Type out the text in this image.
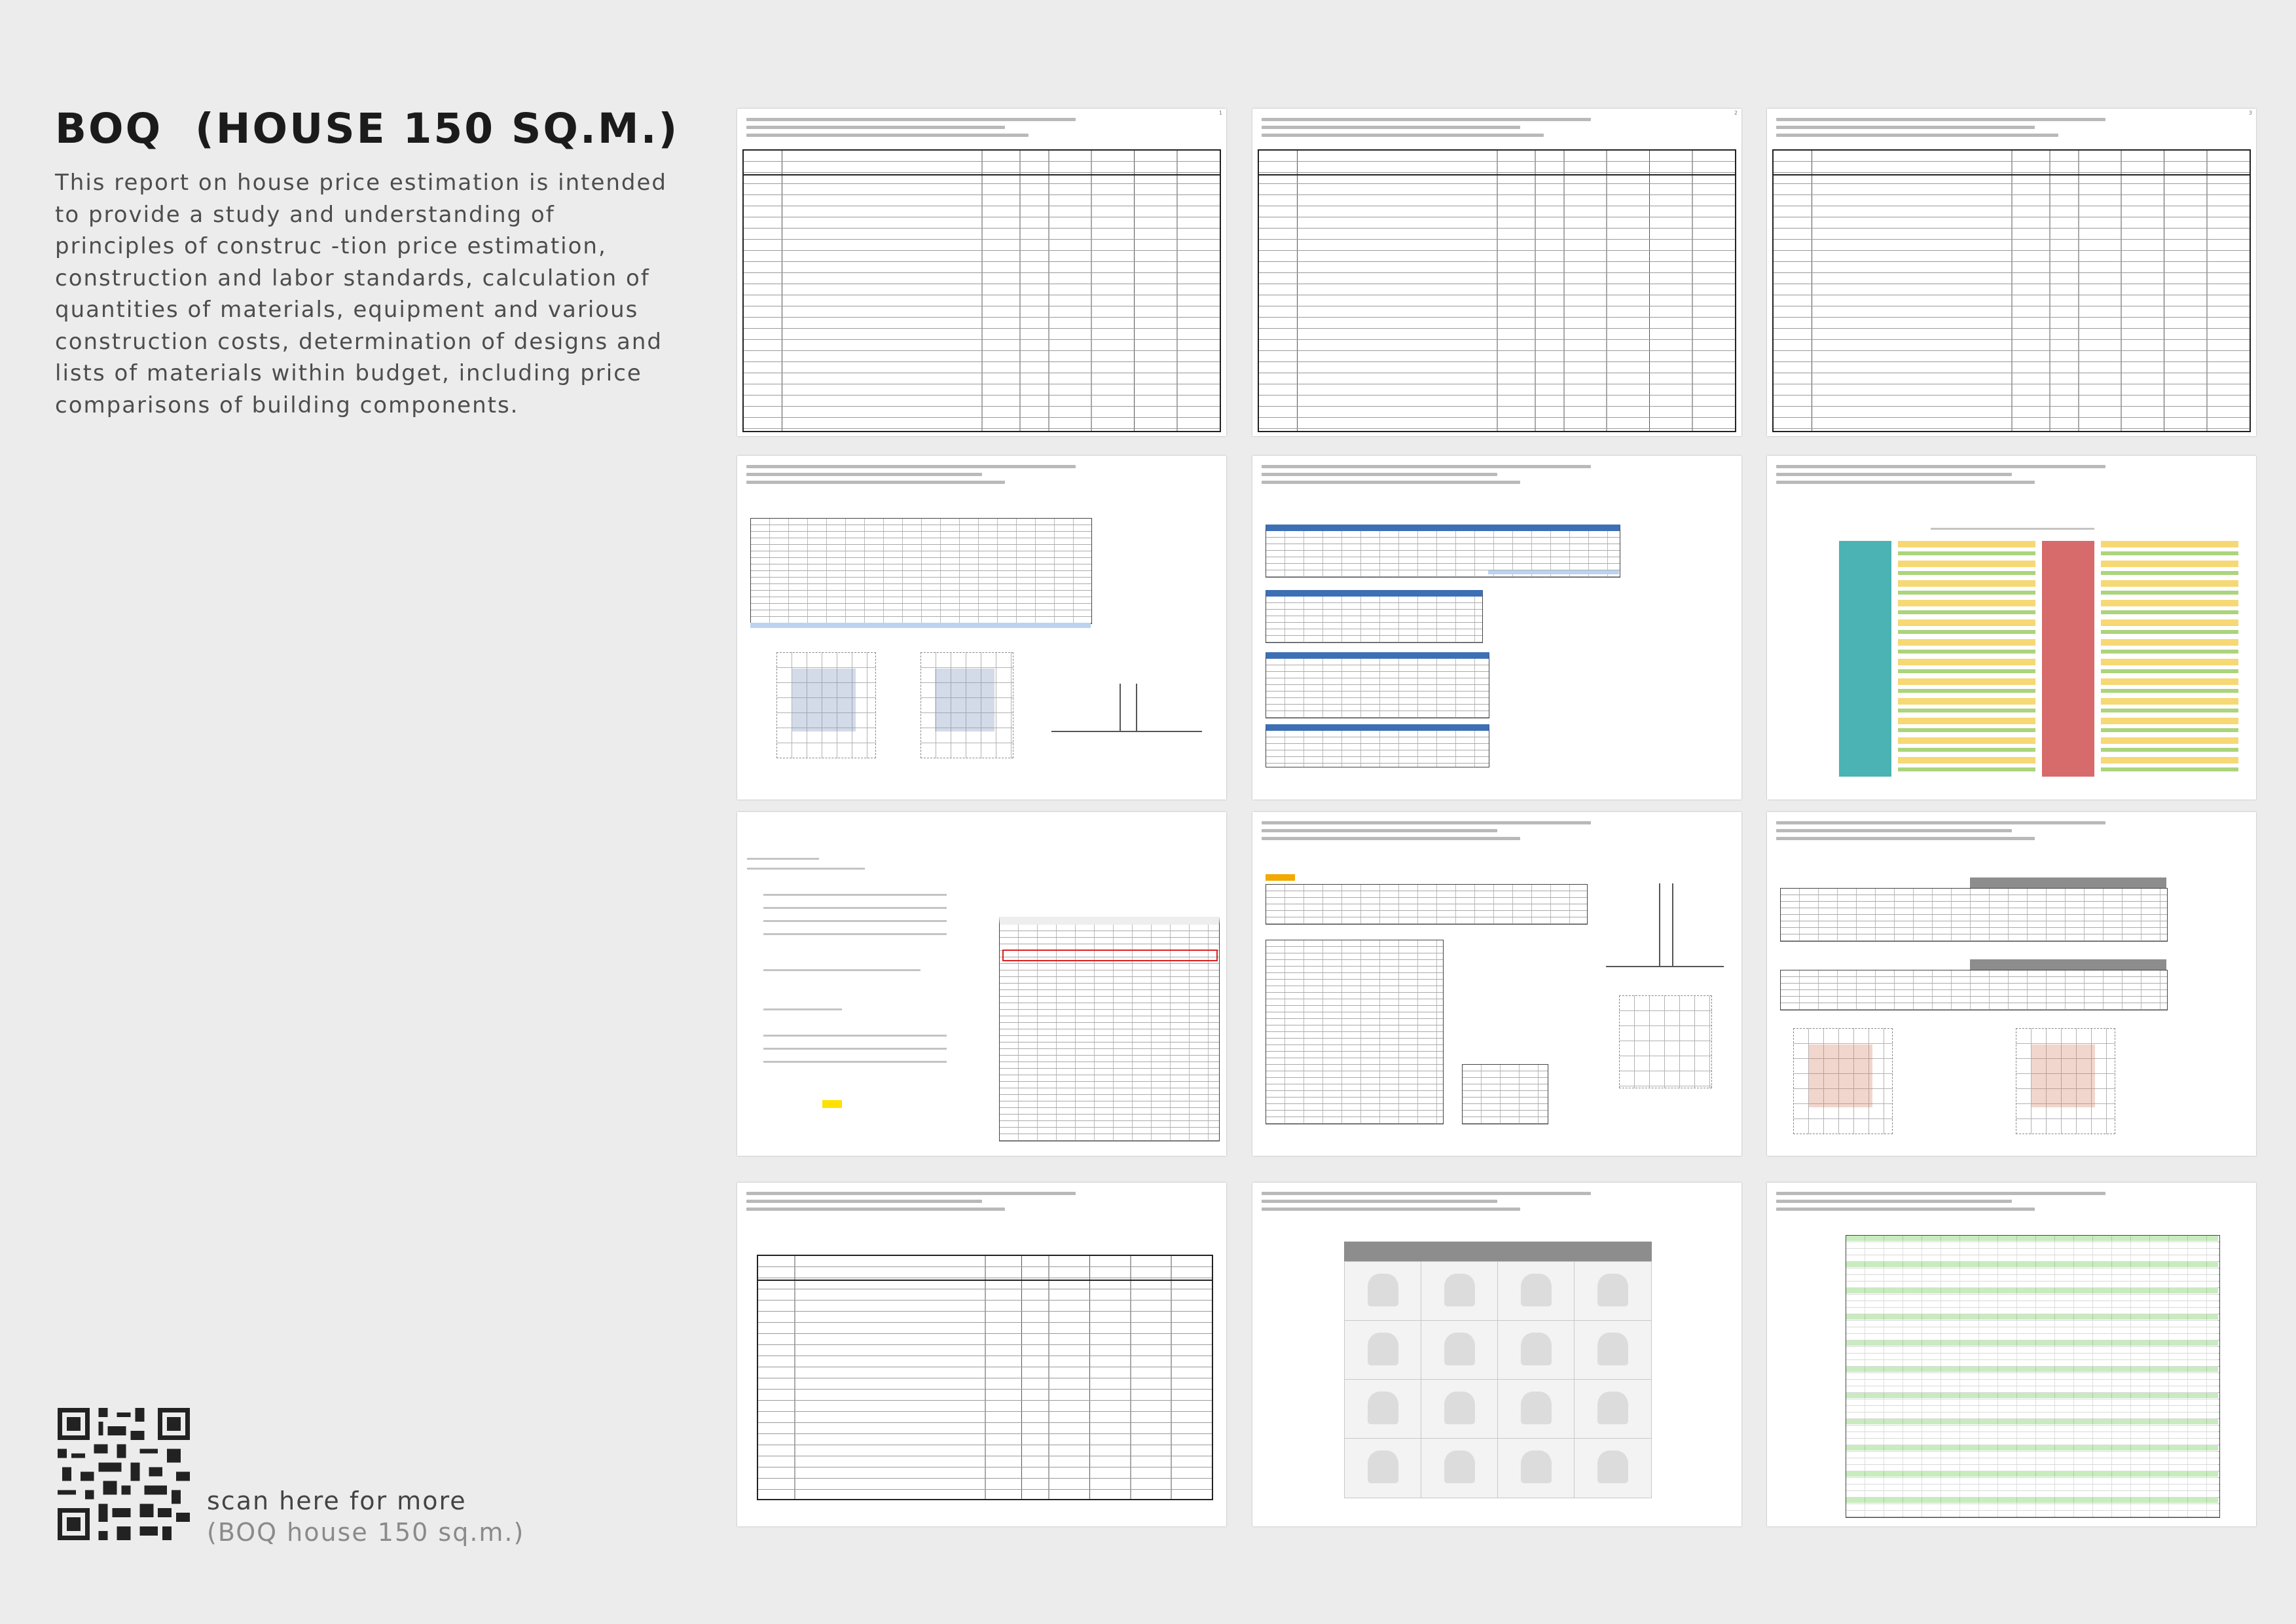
BOQ  (HOUSE 150 SQ.M.)

This report on house price estimation is intended to provide a study and understanding of principles of construc -tion price estimation, construction and labor standards, calculation of quantities of materials, equipment and various construction costs, determination of designs and lists of materials within budget, including price comparisons of building components.

scan here for more
(BOQ house 150 sq.m.)
1	2	3
